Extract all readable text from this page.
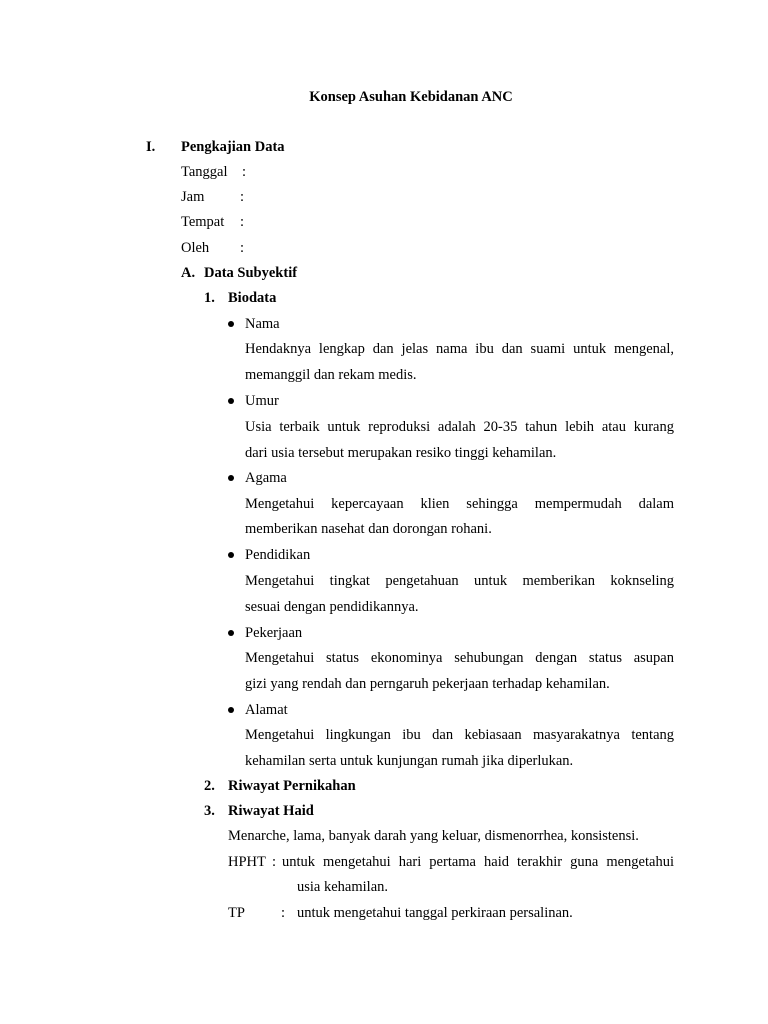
Konsep Asuhan Kebidanan ANC
I. Pengkajian Data
Tanggal :
Jam :
Tempat :
Oleh :
A. Data Subyektif
1. Biodata
Nama
Hendaknya lengkap dan jelas nama ibu dan suami untuk mengenal,
memanggil dan rekam medis.
Umur
Usia terbaik untuk reproduksi adalah 20-35 tahun lebih atau kurang
dari usia tersebut merupakan resiko tinggi kehamilan.
Agama
Mengetahui kepercayaan klien sehingga mempermudah dalam
memberikan nasehat dan dorongan rohani.
Pendidikan
Mengetahui tingkat pengetahuan untuk memberikan koknseling
sesuai dengan pendidikannya.
Pekerjaan
Mengetahui status ekonominya sehubungan dengan status asupan
gizi yang rendah dan perngaruh pekerjaan terhadap kehamilan.
Alamat
Mengetahui lingkungan ibu dan kebiasaan masyarakatnya tentang
kehamilan serta untuk kunjungan rumah jika diperlukan.
2. Riwayat Pernikahan
3. Riwayat Haid
Menarche, lama, banyak darah yang keluar, dismenorrhea, konsistensi.
HPHT : untuk mengetahui hari pertama haid terakhir guna mengetahui
usia kehamilan.
TP : untuk mengetahui tanggal perkiraan persalinan.
